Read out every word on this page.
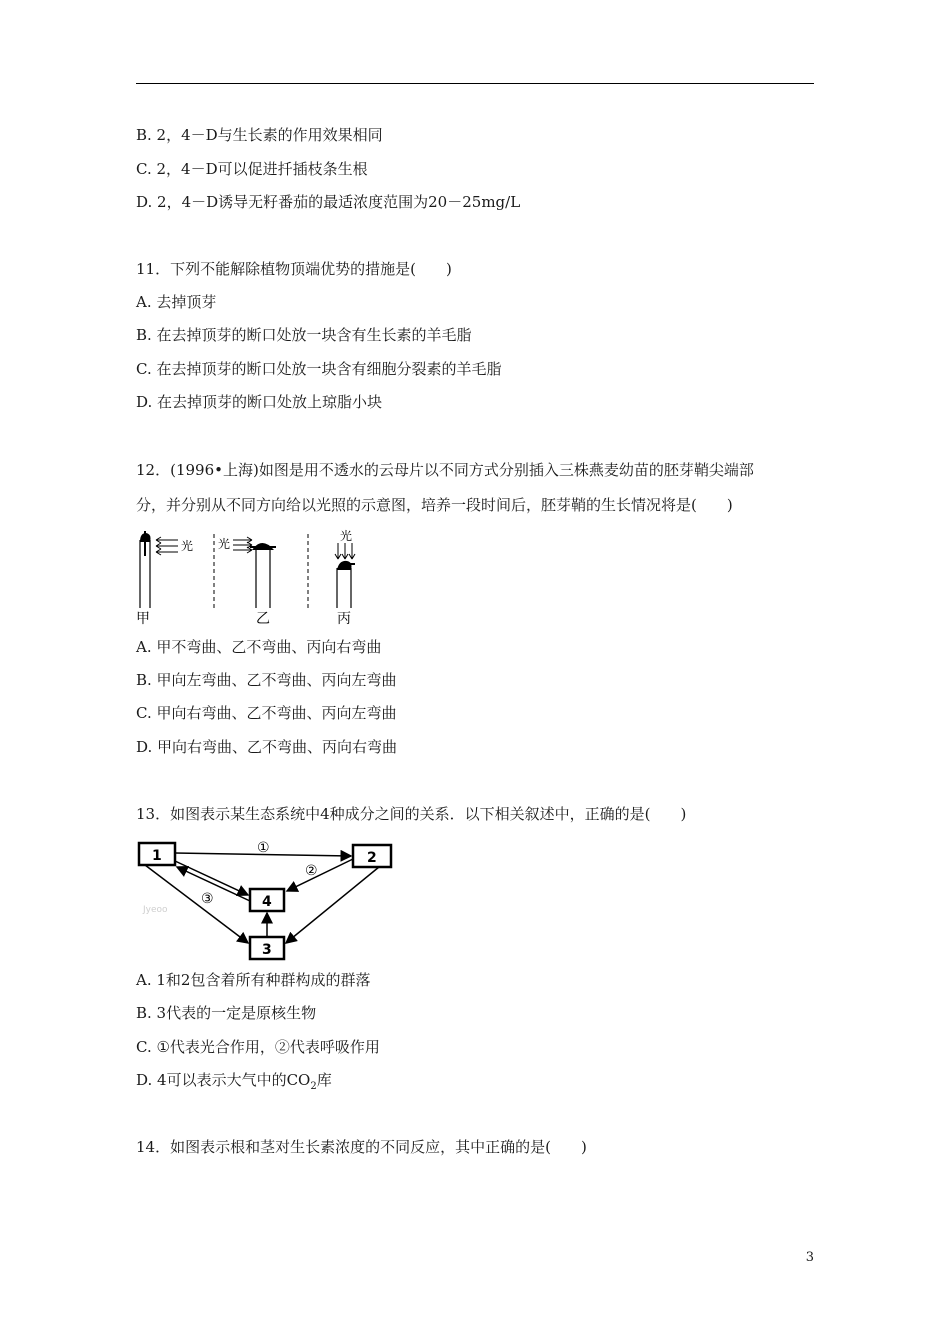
B. 2，4－D与生长素的作用效果相同
C. 2，4－D可以促进扦插枝条生根
D. 2，4－D诱导无籽番茄的最适浓度范围为20－25mg/L
11．下列不能解除植物顶端优势的措施是(　　)
A. 去掉顶芽
B. 在去掉顶芽的断口处放一块含有生长素的羊毛脂
C. 在去掉顶芽的断口处放一块含有细胞分裂素的羊毛脂
D. 在去掉顶芽的断口处放上琼脂小块
12．(1996•上海)如图是用不透水的云母片以不同方式分别插入三株燕麦幼苗的胚芽鞘尖端部
分，并分别从不同方向给以光照的示意图，培养一段时间后，胚芽鞘的生长情况将是(　　)
光
甲
光
乙
光
丙
A. 甲不弯曲、乙不弯曲、丙向右弯曲
B. 甲向左弯曲、乙不弯曲、丙向左弯曲
C. 甲向右弯曲、乙不弯曲、丙向左弯曲
D. 甲向右弯曲、乙不弯曲、丙向右弯曲
13．如图表示某生态系统中4种成分之间的关系．以下相关叙述中，正确的是(　　)
Jyeoo
1	2
3
4
①
②
③
A. 1和2包含着所有种群构成的群落
B. 3代表的一定是原核生物
C. ①代表光合作用，②代表呼吸作用
D. 4可以表示大气中的$CO_2$库
14．如图表示根和茎对生长素浓度的不同反应，其中正确的是(　　)
3
